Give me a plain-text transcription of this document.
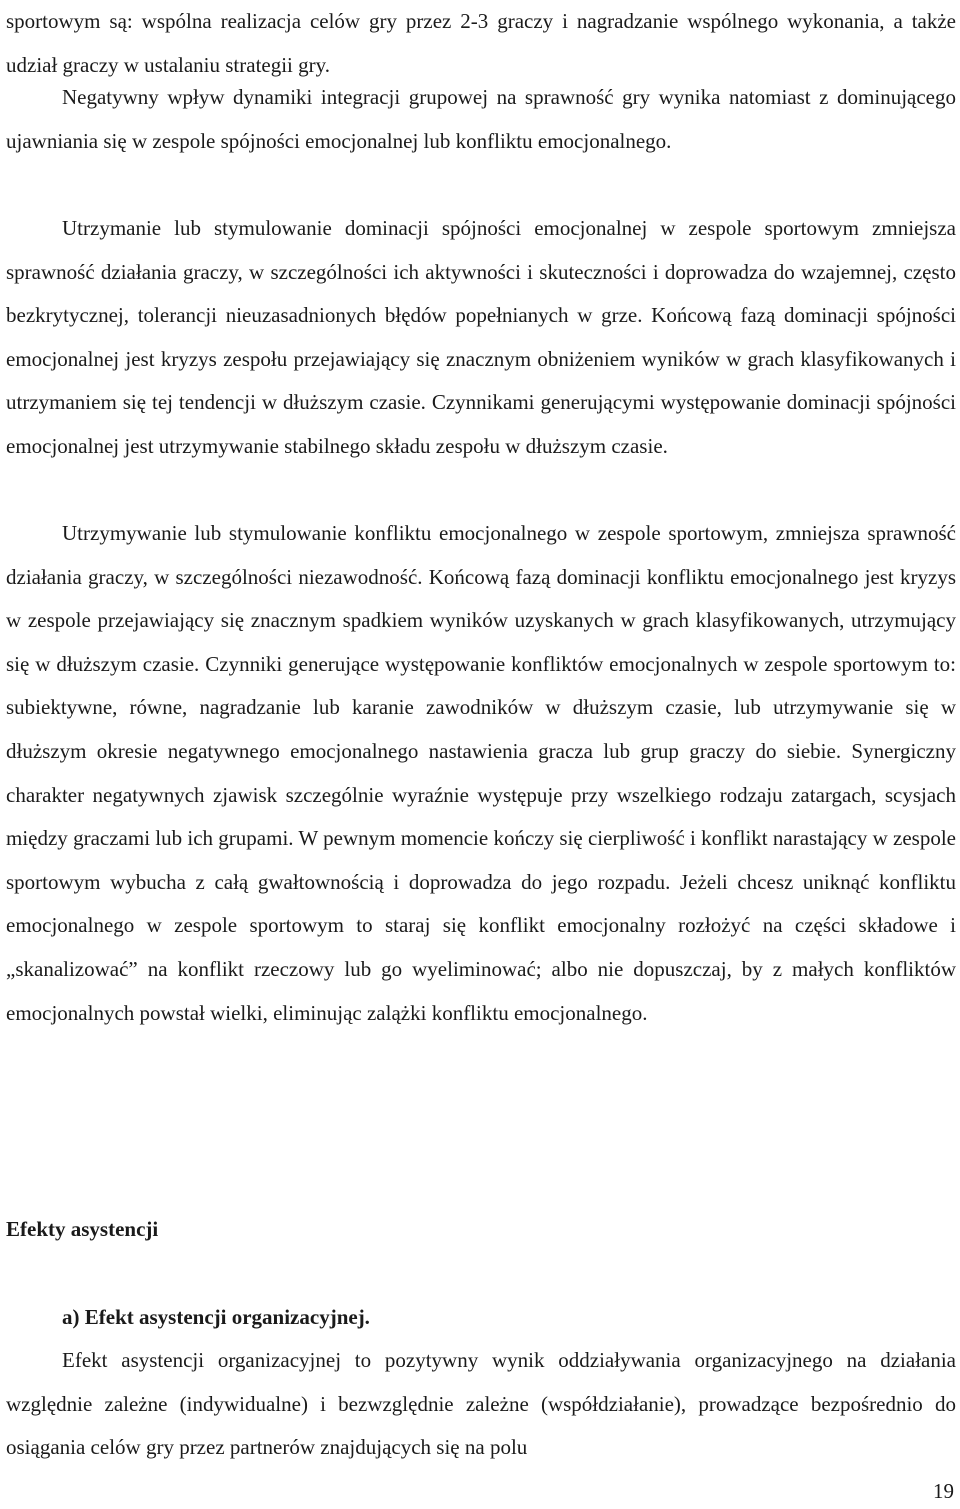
sportowym są: wspólna realizacja celów gry przez 2-3 graczy i nagradzanie wspólnego wykonania, a także udział graczy w ustalaniu strategii gry.

Negatywny wpływ dynamiki integracji grupowej na sprawność gry wynika natomiast z dominującego ujawniania się w zespole spójności emocjonalnej lub konfliktu emocjonalnego.

Utrzymanie lub stymulowanie dominacji spójności emocjonalnej w zespole sportowym zmniejsza sprawność działania graczy, w szczególności ich aktywności i skuteczności i doprowadza do wzajemnej, często bezkrytycznej, tolerancji nieuzasadnionych błędów popełnianych w grze. Końcową fazą dominacji spójności emocjonalnej jest kryzys zespołu przejawiający się znacznym obniżeniem wyników w grach klasyfikowanych i utrzymaniem się tej tendencji w dłuższym czasie. Czynnikami generującymi występowanie dominacji spójności emocjonalnej jest utrzymywanie stabilnego składu zespołu w dłuższym czasie.

Utrzymywanie lub stymulowanie konfliktu emocjonalnego w zespole sportowym, zmniejsza sprawność działania graczy, w szczególności niezawodność. Końcową fazą dominacji konfliktu emocjonalnego jest kryzys w zespole przejawiający się znacznym spadkiem wyników uzyskanych w grach klasyfikowanych, utrzymujący się w dłuższym czasie. Czynniki generujące występowanie konfliktów emocjonalnych w zespole sportowym to: subiektywne, równe, nagradzanie lub karanie zawodników w dłuższym czasie, lub utrzymywanie się w dłuższym okresie negatywnego emocjonalnego nastawienia gracza lub grup graczy do siebie. Synergiczny charakter negatywnych zjawisk szczególnie wyraźnie występuje przy wszelkiego rodzaju zatargach, scysjach między graczami lub ich grupami. W pewnym momencie kończy się cierpliwość i konflikt narastający w zespole sportowym wybucha z całą gwałtownością i doprowadza do jego rozpadu. Jeżeli chcesz uniknąć konfliktu emocjonalnego w zespole sportowym to staraj się konflikt emocjonalny rozłożyć na części składowe i „skanalizować” na konflikt rzeczowy lub go wyeliminować; albo nie dopuszczaj, by z małych konfliktów emocjonalnych powstał wielki, eliminując zalążki konfliktu emocjonalnego.

Efekty asystencji

a) Efekt asystencji organizacyjnej.

Efekt asystencji organizacyjnej to pozytywny wynik oddziaływania organizacyjnego na działania względnie zależne (indywidualne) i bezwzględnie zależne (współdziałanie), prowadzące bezpośrednio do osiągania celów gry przez partnerów znajdujących się na polu

19
